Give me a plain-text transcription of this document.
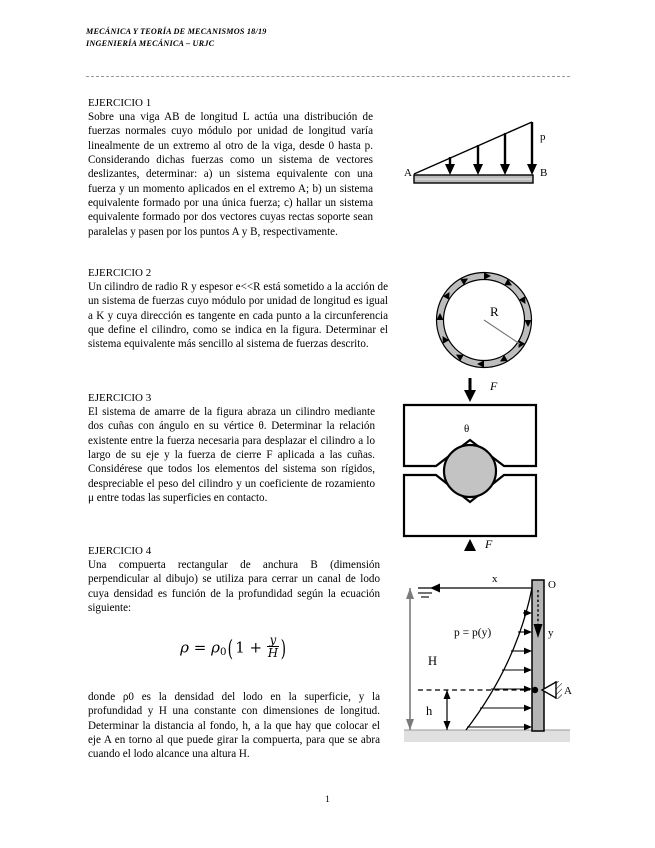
MECÁNICA Y TEORÍA DE MECANISMOS 18/19
INGENIERÍA MECÁNICA – URJC

EJERCICIO 1

Sobre una viga AB de longitud L actúa una distribución de fuerzas normales cuyo módulo por unidad de longitud varía linealmente de un extremo al otro de la viga, desde 0 hasta p. Considerando dichas fuerzas como un sistema de vectores deslizantes, determinar: a) un sistema equivalente con una fuerza y un momento aplicados en el extremo A; b) un sistema equivalente formado por una única fuerza; c) hallar un sistema equivalente formado por dos vectores cuyas rectas soporte sean paralelas y pasen por los puntos A y B, respectivamente.

A	B
p

EJERCICIO 2

Un cilindro de radio R y espesor e<<R está sometido a la acción de un sistema de fuerzas cuyo módulo por unidad de longitud es igual a K y cuya dirección es tangente en cada punto a la circunferencia que define el cilindro, como se indica en la figura. Determinar el sistema equivalente más sencillo al sistema de fuerzas descrito.

R

EJERCICIO 3

El sistema de amarre de la figura abraza un cilindro mediante dos cuñas con ángulo en su vértice θ. Determinar la relación existente entre la fuerza necesaria para desplazar el cilindro a lo largo de su eje y la fuerza de cierre F aplicada a las cuñas. Considérese que todos los elementos del sistema son rígidos, despreciable el peso del cilindro y un coeficiente de rozamiento μ entre todas las superficies en contacto.

F
θ
F

EJERCICIO 4

Una compuerta rectangular de anchura B (dimensión perpendicular al dibujo) se utiliza para cerrar un canal de lodo cuya densidad es función de la profundidad según la ecuación siguiente:

$\rho = \rho_0$( $1 + \frac{y}{H}$ )

donde ρ0 es la densidad del lodo en la superficie, y la profundidad y H una constante con dimensiones de longitud. Determinar la distancia al fondo, h, a la que hay que colocar el eje A en torno al que puede girar la compuerta, para que se abra cuando el lodo alcance una altura H.

x	O
y
p = p(y)
H
h
A
1
